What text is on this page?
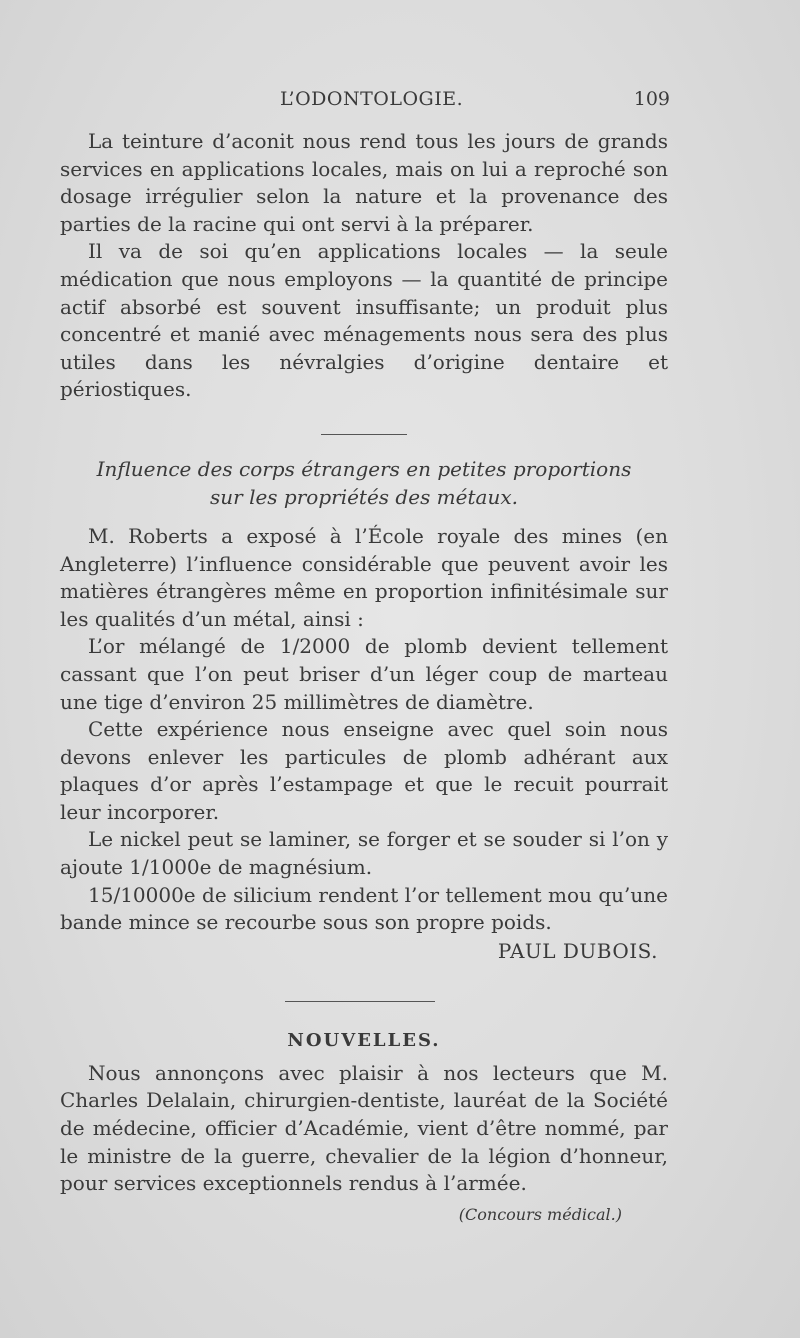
L’ODONTOLOGIE.	109

La teinture d’aconit nous rend tous les jours de grands services en applications locales, mais on lui a reproché son dosage irrégulier selon la nature et la provenance des parties de la racine qui ont servi à la préparer.

Il va de soi qu’en applications locales — la seule médication que nous employons — la quantité de principe actif absorbé est souvent insuffisante; un produit plus concentré et manié avec ménagements nous sera des plus utiles dans les névralgies d’origine dentaire et périostiques.

Influence des corps étrangers en petites proportions
sur les propriétés des métaux.

M. Roberts a exposé à l’École royale des mines (en Angleterre) l’influence considérable que peuvent avoir les matières étrangères même en proportion infinitésimale sur les qualités d’un métal, ainsi :

L’or mélangé de 1/2000 de plomb devient tellement cassant que l’on peut briser d’un léger coup de marteau une tige d’environ 25 millimètres de diamètre.

Cette expérience nous enseigne avec quel soin nous devons enlever les particules de plomb adhérant aux plaques d’or après l’estampage et que le recuit pourrait leur incorporer.

Le nickel peut se laminer, se forger et se souder si l’on y ajoute 1/1000e de magnésium.

15/10000e de silicium rendent l’or tellement mou qu’une bande mince se recourbe sous son propre poids.

PAUL DUBOIS.
NOUVELLES.

Nous annonçons avec plaisir à nos lecteurs que M. Charles Delalain, chirurgien-dentiste, lauréat de la Société de médecine, officier d’Académie, vient d’être nommé, par le ministre de la guerre, chevalier de la légion d’honneur, pour services exceptionnels rendus à l’armée.

(Concours médical.)
